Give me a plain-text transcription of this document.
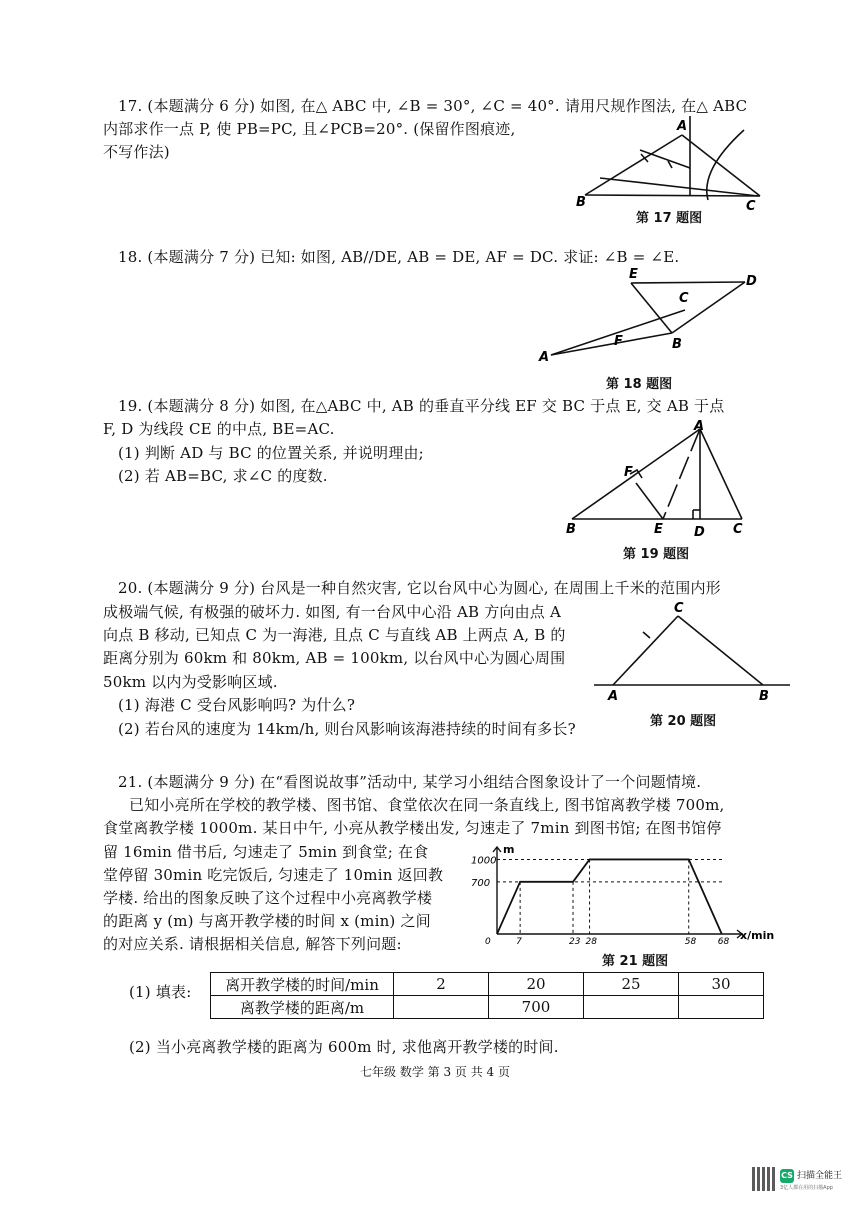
17. (本题满分 6 分) 如图, 在△ ABC 中, ∠B = 30°, ∠C = 40°. 请用尺规作图法, 在△ ABC
内部求作一点 P, 使 PB=PC, 且∠PCB=20°. (保留作图痕迹,
不写作法)
A
B	C
第 17 题图
18. (本题满分 7 分) 已知: 如图, AB//DE, AB = DE, AF = DC. 求证: ∠B = ∠E.
A
B
C
D
E
F
第 18 题图
19. (本题满分 8 分) 如图, 在△ABC 中, AB 的垂直平分线 EF 交 BC 于点 E, 交 AB 于点
F, D 为线段 CE 的中点, BE=AC.
(1) 判断 AD 与 BC 的位置关系, 并说明理由;
(2) 若 AB=BC, 求∠C 的度数.
A
B	C
D
E
F
第 19 题图
20. (本题满分 9 分) 台风是一种自然灾害, 它以台风中心为圆心, 在周围上千米的范围内形
成极端气候, 有极强的破坏力. 如图, 有一台风中心沿 AB 方向由点 A
向点 B 移动, 已知点 C 为一海港, 且点 C 与直线 AB 上两点 A, B 的
距离分别为 60km 和 80km, AB = 100km, 以台风中心为圆心周围
50km 以内为受影响区域.
(1) 海港 C 受台风影响吗? 为什么?
(2) 若台风的速度为 14km/h, 则台风影响该海港持续的时间有多长?
C
A	B
第 20 题图
21. (本题满分 9 分) 在“看图说故事”活动中, 某学习小组结合图象设计了一个问题情境.
已知小亮所在学校的教学楼、图书馆、食堂依次在同一条直线上, 图书馆离教学楼 700m,
食堂离教学楼 1000m. 某日中午, 小亮从教学楼出发, 匀速走了 7min 到图书馆; 在图书馆停
留 16min 借书后, 匀速走了 5min 到食堂; 在食
堂停留 30min 吃完饭后, 匀速走了 10min 返回教
学楼. 给出的图象反映了这个过程中小亮离教学楼
的距离 y (m) 与离开教学楼的时间 x (min) 之间
的对应关系. 请根据相关信息, 解答下列问题:
700
1000
0	7	23 28	58 68
m
x/min
第 21 题图
(1) 填表: 离开教学楼的时间/min	2	20	25	30
离教学楼的距离/m		700		
(2) 当小亮离教学楼的距离为 600m 时, 求他离开教学楼的时间.
七年级 数学 第 3 页 共 4 页
CS 扫描全能王
3亿人都在用的扫描App
